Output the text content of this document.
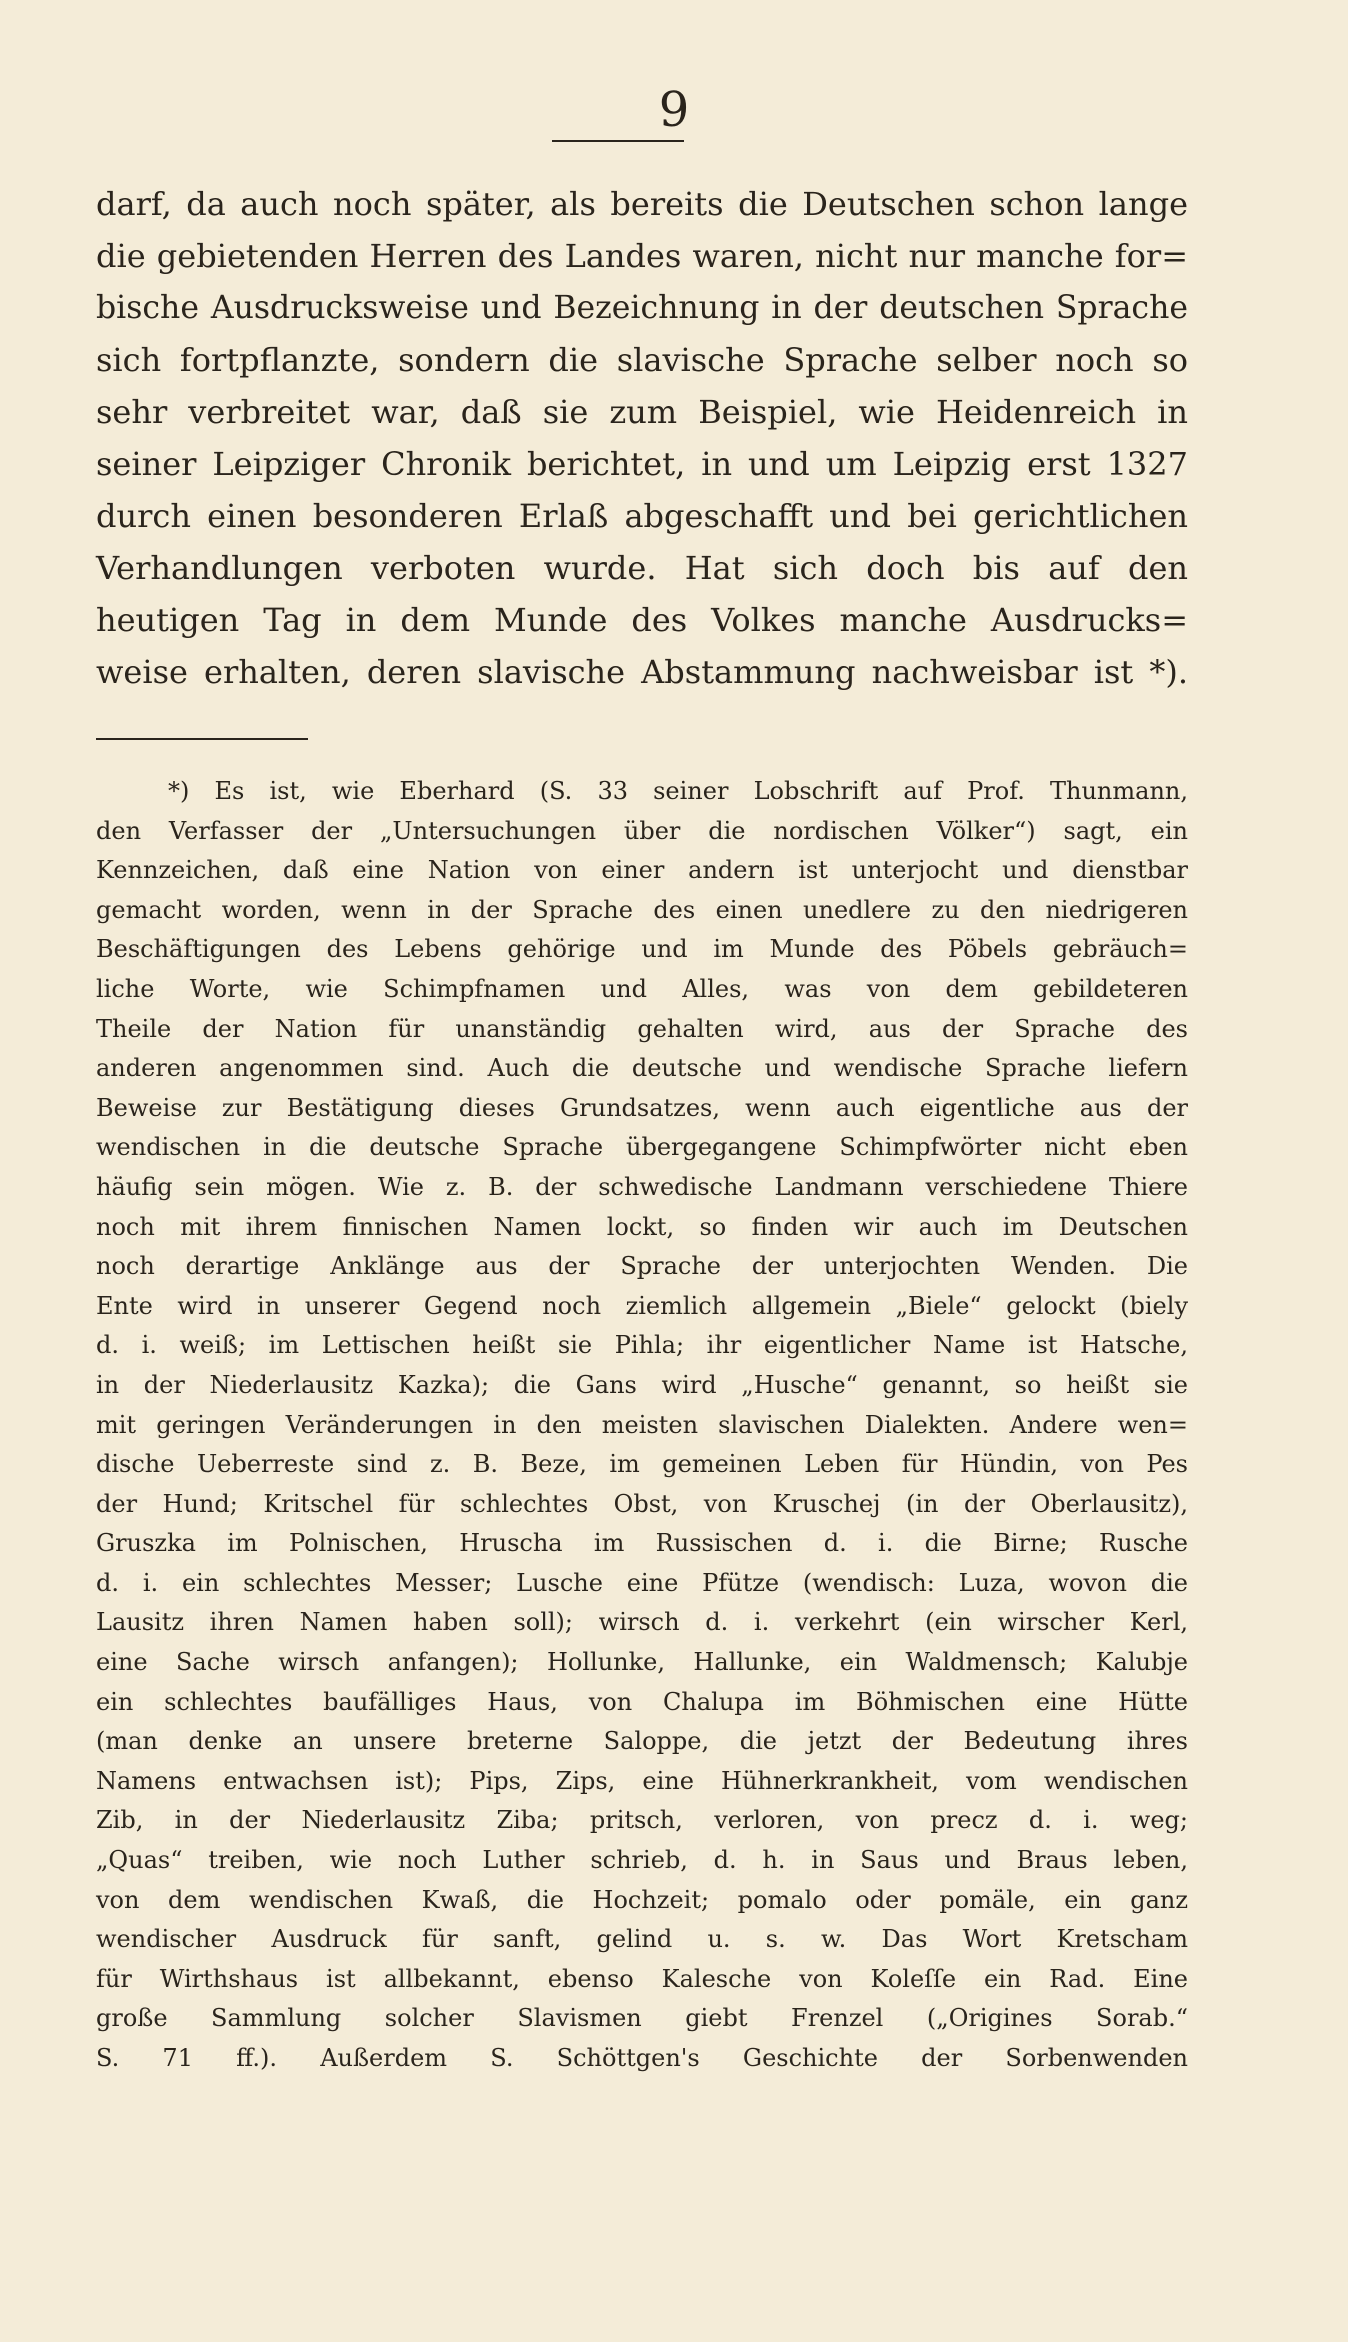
9
darf, da auch noch später, als bereits die Deutschen schon lange
die gebietenden Herren des Landes waren, nicht nur manche for=
bische Ausdrucksweise und Bezeichnung in der deutschen Sprache
sich fortpflanzte, sondern die slavische Sprache selber noch so
sehr verbreitet war, daß sie zum Beispiel, wie Heidenreich in
seiner Leipziger Chronik berichtet, in und um Leipzig erst 1327
durch einen besonderen Erlaß abgeschafft und bei gerichtlichen
Verhandlungen verboten wurde. Hat sich doch bis auf den
heutigen Tag in dem Munde des Volkes manche Ausdrucks=
weise erhalten, deren slavische Abstammung nachweisbar ist *).
*) Es ist, wie Eberhard (S. 33 seiner Lobschrift auf Prof. Thunmann,
den Verfasser der „Untersuchungen über die nordischen Völker“) sagt, ein
Kennzeichen, daß eine Nation von einer andern ist unterjocht und dienstbar
gemacht worden, wenn in der Sprache des einen unedlere zu den niedrigeren
Beschäftigungen des Lebens gehörige und im Munde des Pöbels gebräuch=
liche Worte, wie Schimpfnamen und Alles, was von dem gebildeteren
Theile der Nation für unanständig gehalten wird, aus der Sprache des
anderen angenommen sind. Auch die deutsche und wendische Sprache liefern
Beweise zur Bestätigung dieses Grundsatzes, wenn auch eigentliche aus der
wendischen in die deutsche Sprache übergegangene Schimpfwörter nicht eben
häufig sein mögen. Wie z. B. der schwedische Landmann verschiedene Thiere
noch mit ihrem finnischen Namen lockt, so finden wir auch im Deutschen
noch derartige Anklänge aus der Sprache der unterjochten Wenden. Die
Ente wird in unserer Gegend noch ziemlich allgemein „Biele“ gelockt (biely
d. i. weiß; im Lettischen heißt sie Pihla; ihr eigentlicher Name ist Hatsche,
in der Niederlausitz Kazka); die Gans wird „Husche“ genannt, so heißt sie
mit geringen Veränderungen in den meisten slavischen Dialekten. Andere wen=
dische Ueberreste sind z. B. Beze, im gemeinen Leben für Hündin, von Pes
der Hund; Kritschel für schlechtes Obst, von Kruschej (in der Oberlausitz),
Gruszka im Polnischen, Hruscha im Russischen d. i. die Birne; Rusche
d. i. ein schlechtes Messer; Lusche eine Pfütze (wendisch: Luza, wovon die
Lausitz ihren Namen haben soll); wirsch d. i. verkehrt (ein wirscher Kerl,
eine Sache wirsch anfangen); Hollunke, Hallunke, ein Waldmensch; Kalubje
ein schlechtes baufälliges Haus, von Chalupa im Böhmischen eine Hütte
(man denke an unsere breterne Saloppe, die jetzt der Bedeutung ihres
Namens entwachsen ist); Pips, Zips, eine Hühnerkrankheit, vom wendischen
Zib, in der Niederlausitz Ziba; pritsch, verloren, von precz d. i. weg;
„Quas“ treiben, wie noch Luther schrieb, d. h. in Saus und Braus leben,
von dem wendischen Kwaß, die Hochzeit; pomalo oder pomäle, ein ganz
wendischer Ausdruck für sanft, gelind u. s. w. Das Wort Kretscham
für Wirthshaus ist allbekannt, ebenso Kalesche von Koleſſe ein Rad. Eine
große Sammlung solcher Slavismen giebt Frenzel („Origines Sorab.“
S. 71 ff.). Außerdem S. Schöttgen's Geschichte der Sorbenwenden
